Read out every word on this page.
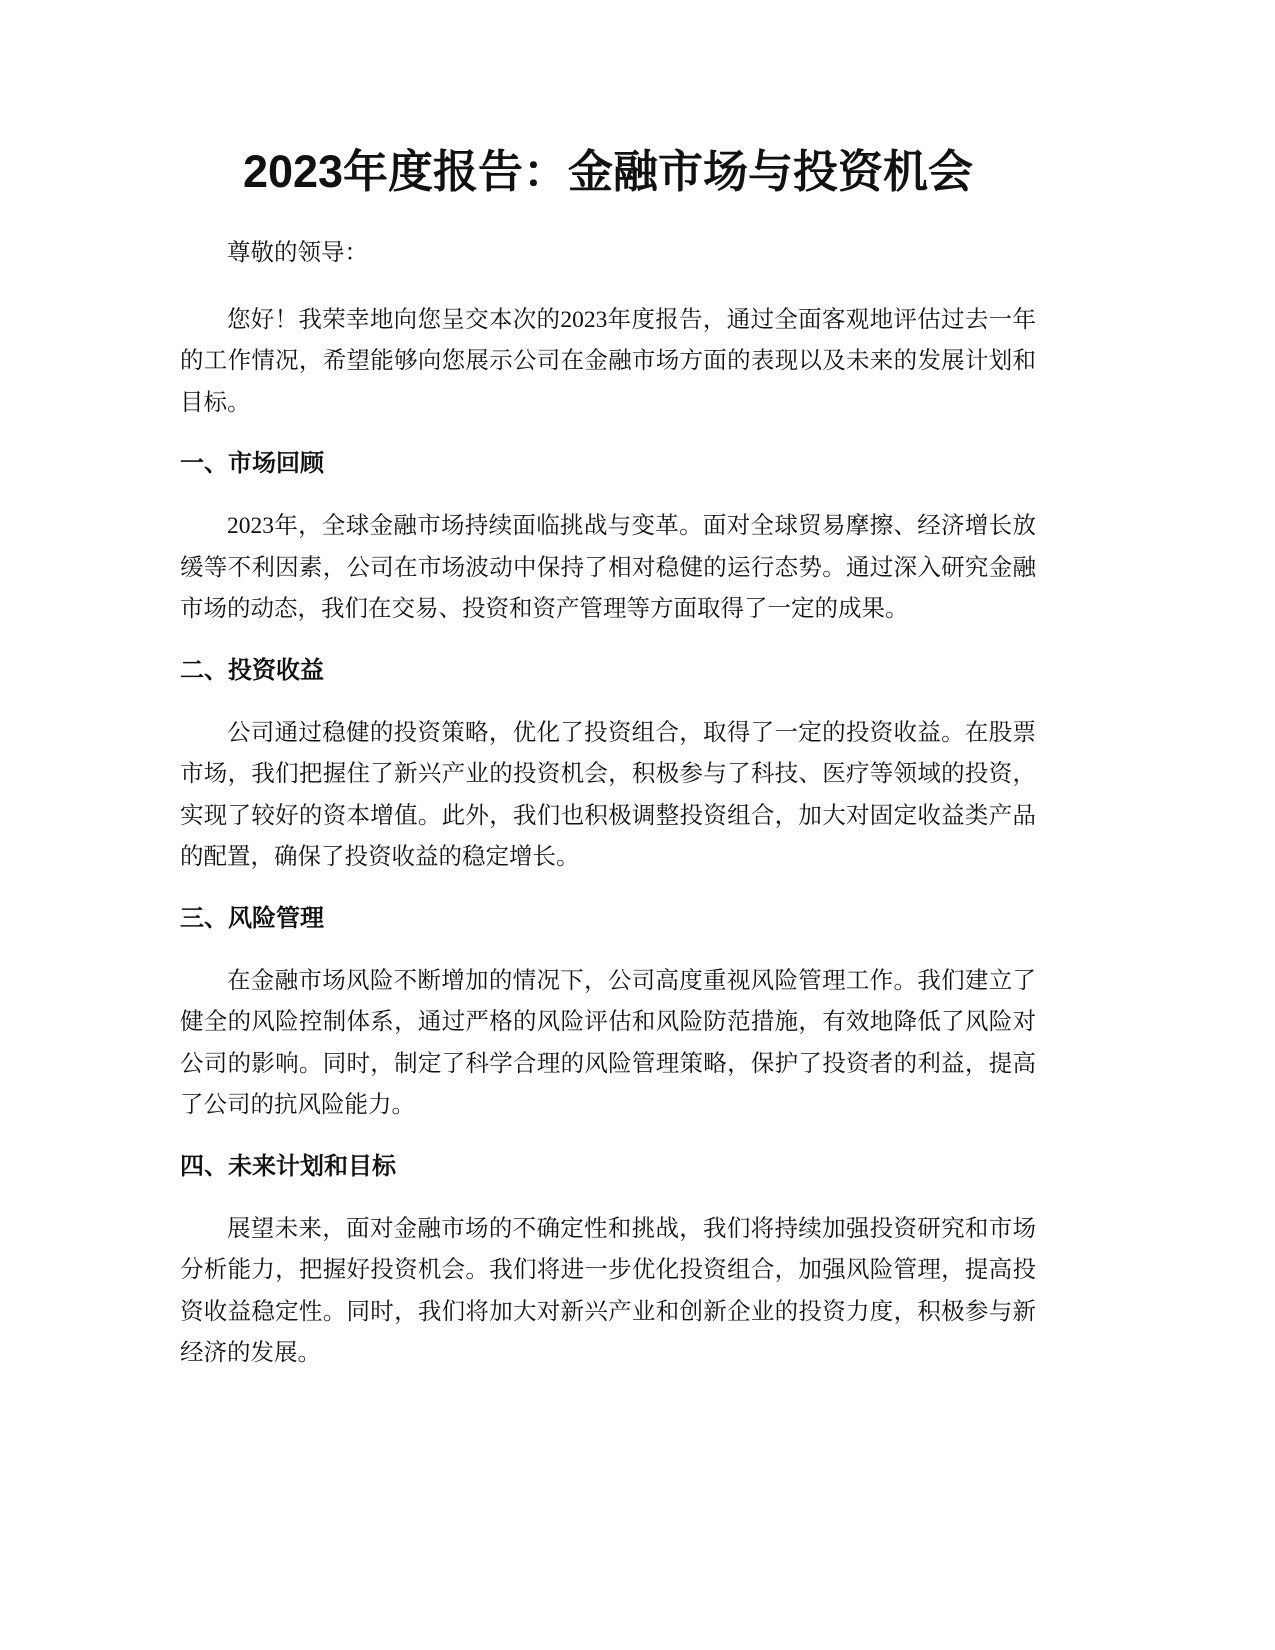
2023年度报告：金融市场与投资机会

尊敬的领导：

您好！我荣幸地向您呈交本次的2023年度报告，通过全面客观地评估过去一年的工作情况，希望能够向您展示公司在金融市场方面的表现以及未来的发展计划和目标。

一、市场回顾

2023年，全球金融市场持续面临挑战与变革。面对全球贸易摩擦、经济增长放缓等不利因素，公司在市场波动中保持了相对稳健的运行态势。通过深入研究金融市场的动态，我们在交易、投资和资产管理等方面取得了一定的成果。

二、投资收益

公司通过稳健的投资策略，优化了投资组合，取得了一定的投资收益。在股票市场，我们把握住了新兴产业的投资机会，积极参与了科技、医疗等领域的投资，实现了较好的资本增值。此外，我们也积极调整投资组合，加大对固定收益类产品的配置，确保了投资收益的稳定增长。

三、风险管理

在金融市场风险不断增加的情况下，公司高度重视风险管理工作。我们建立了健全的风险控制体系，通过严格的风险评估和风险防范措施，有效地降低了风险对公司的影响。同时，制定了科学合理的风险管理策略，保护了投资者的利益，提高了公司的抗风险能力。

四、未来计划和目标

展望未来，面对金融市场的不确定性和挑战，我们将持续加强投资研究和市场分析能力，把握好投资机会。我们将进一步优化投资组合，加强风险管理，提高投资收益稳定性。同时，我们将加大对新兴产业和创新企业的投资力度，积极参与新经济的发展。
